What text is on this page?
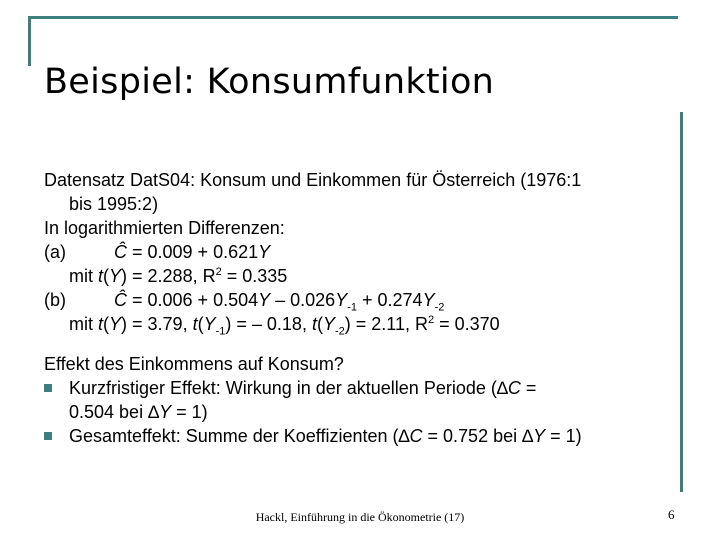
Beispiel: Konsumfunktion
Datensatz DatS04: Konsum und Einkommen für Österreich (1976:1
bis 1995:2)
In logarithmierten Differenzen:
(a)	Ĉ = 0.009 + 0.621Y
mit t(Y) = 2.288, $R^2 = 0.335$
(b)	Ĉ = $0.006 + 0.504Y - 0.026Y_{-1} + 0.274Y_{-2}$
mit t(Y) = 3.79, $t(Y_{-1})$ = – 0.18, $t(Y_{-2}) = 2.11$, $R^2 = 0.370$
Effekt des Einkommens auf Konsum?
Kurzfristiger Effekt: Wirkung in der aktuellen Periode (∆C =
0.504 bei ∆Y = 1)
Gesamteffekt: Summe der Koeffizienten (∆C = 0.752 bei ∆Y = 1)
Hackl, Einführung in die Ökonometrie (17)	6
